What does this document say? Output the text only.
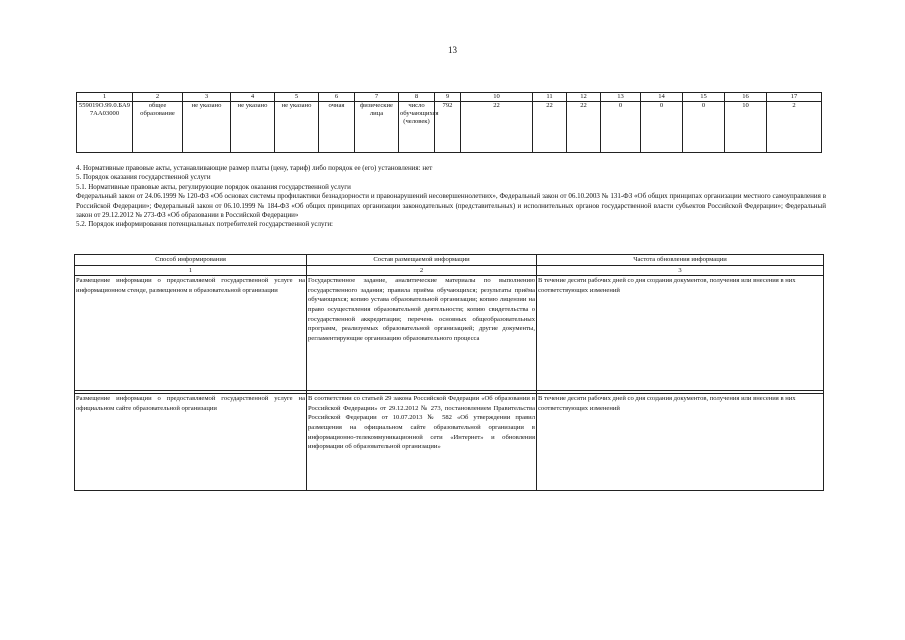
13
1	2	3	4	5	6	7	8	9	10	11	12	13	14	15	16	17
559019O.99.0.БА97АА03000	общее образование	не указано	не указано	не указано	очная	физические лица	число обучающихся (человек)	792	22	22	22	0	0	0	10	2

4. Нормативные правовые акты, устанавливающие размер платы (цену, тариф) либо порядок ее (его) установления: нет

5. Порядок оказания государственной услуги

5.1. Нормативные правовые акты, регулирующие порядок оказания государственной услуги

Федеральный закон от 24.06.1999 № 120-ФЗ «Об основах системы профилактики безнадзорности и правонарушений несовершеннолетних», Федеральный закон от 06.10.2003 № 131-ФЗ «Об общих принципах организации местного самоуправления в Российской Федерации»; Федеральный закон от 06.10.1999 № 184-ФЗ «Об общих принципах организации законодательных (представительных) и исполнительных органов государственной власти субъектов Российской Федерации»; Федеральный закон от 29.12.2012 № 273-ФЗ «Об образовании в Российской Федерации»

5.2. Порядок информирования потенциальных потребителей государственной услуги:

Способ информирования	Состав размещаемой информации	Частота обновления информации
1	2	3
Размещение информации о предоставляемой государственной услуге на информационном стенде, размещенном в образовательной организации	Государственное задание, аналитические материалы по выполнению государственного задания; правила приёма обучающихся; результаты приёма обучающихся; копию устава образовательной организации; копию лицензии на право осуществления образовательной деятельности; копию свидетельства о государственной аккредитации; перечень основных общеобразовательных программ, реализуемых образовательной организацией; другие документы, регламентирующие организацию образовательного процесса	В течение десяти рабочих дней со дня создания документов, получения или внесения в них соответствующих изменений

Размещение информации о предоставляемой государственной услуге на официальном сайте образовательной организации	В соответствии со статьей 29 закона Российской Федерации «Об образовании в Российской Федерации» от 29.12.2012 № 273, постановлением Правительства Российской Федерации от 10.07.2013 № 582 «Об утверждении правил размещения на официальном сайте образовательной организации в информационно-телекоммуникационной сети «Интернет» и обновления информации об образовательной организации»	В течение десяти рабочих дней со дня создания документов, получения или внесения в них соответствующих изменений
